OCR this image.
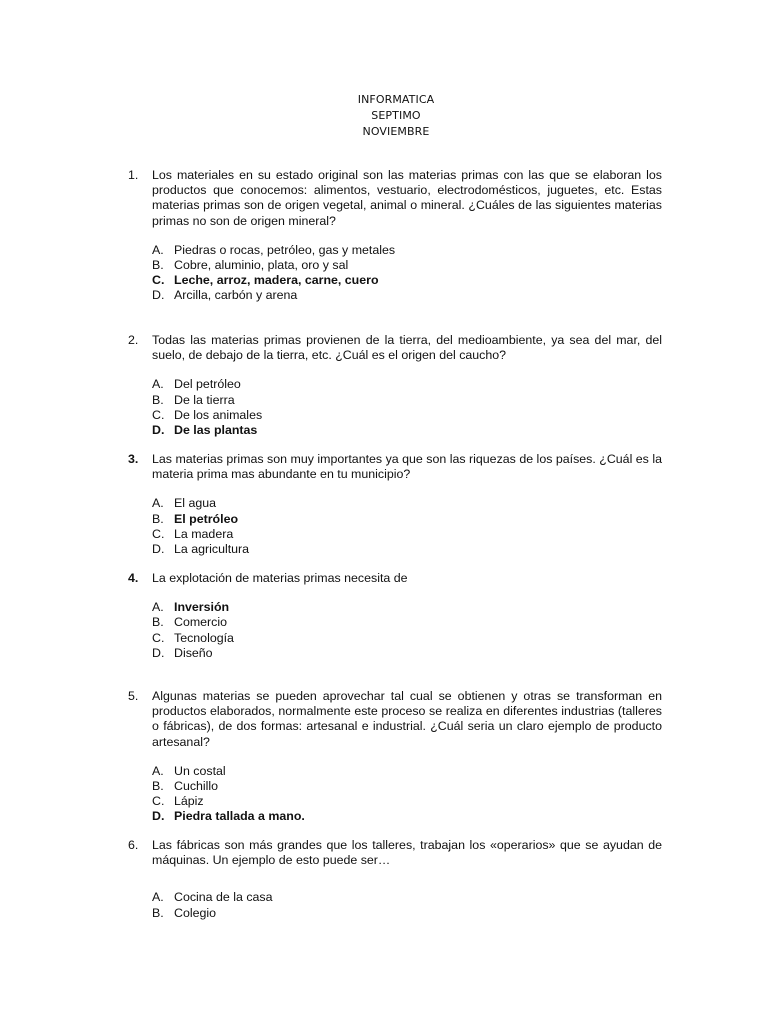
INFORMATICA
SEPTIMO
NOVIEMBRE
1.	Los materiales en su estado original son las materias primas con las que se elaboran los productos que conocemos: alimentos, vestuario, electrodomésticos, juguetes, etc. Estas materias primas son de origen vegetal, animal o mineral. ¿Cuáles de las siguientes materias primas no son de origen mineral?
A. Piedras o rocas, petróleo, gas y metales
B. Cobre, aluminio, plata, oro y sal
C. Leche, arroz, madera, carne, cuero
D. Arcilla, carbón y arena
2.	Todas las materias primas provienen de la tierra, del medioambiente, ya sea del mar, del suelo, de debajo de la tierra, etc. ¿Cuál es el origen del caucho?
A. Del petróleo
B. De la tierra
C. De los animales
D. De las plantas
3.	Las materias primas son muy importantes ya que son las riquezas de los países. ¿Cuál es la materia prima mas abundante en tu municipio?
A. El agua
B. El petróleo
C. La madera
D. La agricultura
4.	La explotación de materias primas necesita de
A. Inversión
B. Comercio
C. Tecnología
D. Diseño
5.	Algunas materias se pueden aprovechar tal cual se obtienen y otras se transforman en productos elaborados, normalmente este proceso se realiza en diferentes industrias (talleres o fábricas), de dos formas: artesanal e industrial. ¿Cuál seria un claro ejemplo de producto artesanal?
A. Un costal
B. Cuchillo
C. Lápiz
D. Piedra tallada a mano.
6.	Las fábricas son más grandes que los talleres, trabajan los «operarios» que se ayudan de máquinas. Un ejemplo de esto puede ser…
A. Cocina de la casa
B. Colegio
